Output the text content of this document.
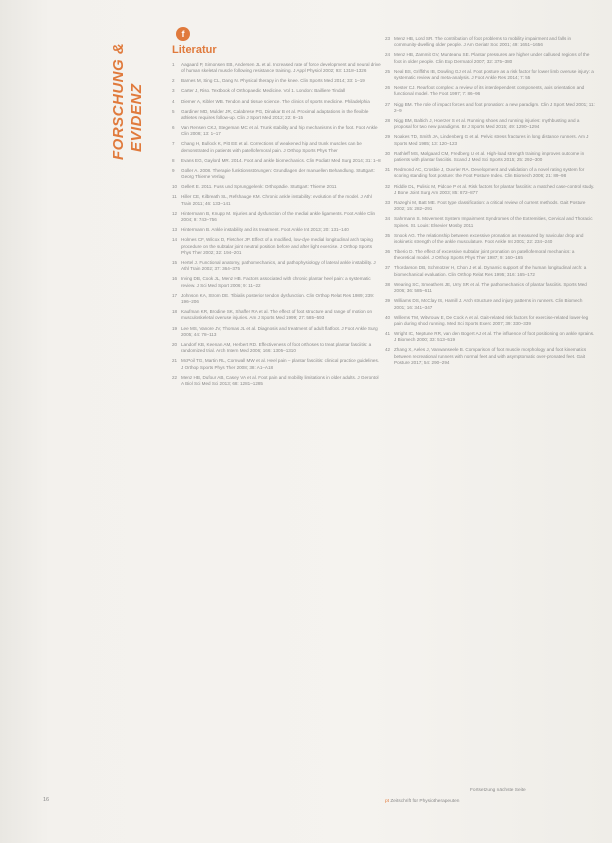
FORSCHUNG & EVIDENZ
f
Literatur
1	Aagaard P, Simonsen EB, Andersen JL et al. Increased rate of force development and neural drive of human skeletal muscle following resistance training. J Appl Physiol 2002; 93: 1318–1326
2	Barnes M, Sing CL, Dang N. Physical therapy in the knee. Clin Sports Med 2014; 33: 1–19
3	Carter J, Riso. Textbook of Orthopaedic Medicine. Vol 1. London: Bailliere Tindall
4	Diemer A, Kibler WB. Tendon and tissue science. The clinics of sports medicine. Philadelphia
5	Gardiner MD, Mulder JR, Calabrese PG, Dinakar B et al. Proximal adaptations in the flexible athletes requires follow-up. Clin J Sport Med 2012; 22: 8–15
6	Van Rensen CKJ, Stegeman MC et al. Trunk stability and hip mechanisms in the foot. Foot Ankle Clin 2008; 13: 1–17
7	Chang H, Bullock K, Pitt EE et al. Corrections of weakened hip and trunk muscles can be demonstrated in patients with patellofemoral pain. J Orthop Sports Phys Ther
8	Evans EG, Gaylord MR. 2014. Foot and ankle biomechanics. Clin Podiatr Med Surg 2014; 31: 1–8
9	Goller A. 2008. Therapie funktionsstörungen: Grundlagen der manuellen Behandlung. Stuttgart: Georg Thieme Verlag
10 Gellert E. 2011. Fuss und Sprunggelenk: Orthopädie. Stuttgart: Thieme 2011
11 Hiller CE, Kilbreath SL, Refshauge KM. Chronic ankle instability: evolution of the model. J Athl Train 2011; 46: 133–141
12 Hintermann B, Knupp M. Injuries and dysfunction of the medial ankle ligaments. Foot Ankle Clin 2004; 9: 743–756
13 Hintermann B. Ankle instability and its treatment. Foot Ankle Int 2013; 20: 131–140
14 Holmes CF, Wilcox D, Fletcher JP. Effect of a modified, low-dye medial longitudinal arch taping procedure on the subtalar joint neutral position before and after light exercise. J Orthop Sports Phys Ther 2002; 32: 194–201
15 Hertel J. Functional anatomy, pathomechanics, and pathophysiology of lateral ankle instability. J Athl Train 2002; 37: 364–375
16 Irving DB, Cook JL, Menz HB. Factors associated with chronic plantar heel pain: a systematic review. J Sci Med Sport 2006; 9: 11–22
17 Johnson KA, Strom DE. Tibialis posterior tendon dysfunction. Clin Orthop Relat Res 1989; 239: 196–206
18 Kaufman KR, Brodine SK, Shaffer RA et al. The effect of foot structure and range of motion on musculoskeletal overuse injuries. Am J Sports Med 1999; 27: 585–593
19 Lee MS, Vanore JV, Thomas JL et al. Diagnosis and treatment of adult flatfoot. J Foot Ankle Surg 2005; 44: 78–113
20 Landorf KB, Keenan AM, Herbert RD. Effectiveness of foot orthoses to treat plantar fasciitis: a randomized trial. Arch Intern Med 2006; 166: 1305–1310
21 McPoil TG, Martin RL, Cornwall MW et al. Heel pain – plantar fasciitis: clinical practice guidelines. J Orthop Sports Phys Ther 2008; 38: A1–A18
22 Menz HB, Dufour AB, Casey VA et al. Foot pain and mobility limitations in older adults. J Gerontol A Biol Sci Med Sci 2013; 68: 1281–1285
23 Menz HB, Lord SR. The contribution of foot problems to mobility impairment and falls in community-dwelling older people. J Am Geriatr Soc 2001; 49: 1651–1656
24 Menz HB, Zammit GV, Munteanu SE. Plantar pressures are higher under callused regions of the foot in older people. Clin Exp Dermatol 2007; 32: 375–380
25 Neal BS, Griffiths IB, Dowling GJ et al. Foot posture as a risk factor for lower limb overuse injury: a systematic review and meta-analysis. J Foot Ankle Res 2014; 7: 55
26 Nester CJ. Rearfoot complex: a review of its interdependent components, axis orientation and functional model. The Foot 1997; 7: 86–96
27 Nigg BM. The role of impact forces and foot pronation: a new paradigm. Clin J Sport Med 2001; 11: 2–9
28 Nigg BM, Baltich J, Hoerzer S et al. Running shoes and running injuries: mythbusting and a proposal for two new paradigms. Br J Sports Med 2015; 49: 1290–1294
29 Noakes TD, Smith JA, Lindenberg G et al. Pelvic stress fractures in long distance runners. Am J Sports Med 1985; 13: 120–123
30 Rathleff MS, Mølgaard CM, Fredberg U et al. High-load strength training improves outcome in patients with plantar fasciitis. Scand J Med Sci Sports 2015; 25: 292–300
31 Redmond AC, Crosbie J, Ouvrier RA. Development and validation of a novel rating system for scoring standing foot posture: the Foot Posture Index. Clin Biomech 2006; 21: 89–98
32 Riddle DL, Pulisic M, Pidcoe P et al. Risk factors for plantar fasciitis: a matched case-control study. J Bone Joint Surg Am 2003; 85: 872–877
33 Razeghi M, Batt ME. Foot type classification: a critical review of current methods. Gait Posture 2002; 15: 282–291
34 Sahrmann S. Movement System Impairment Syndromes of the Extremities, Cervical and Thoracic Spines. St. Louis: Elsevier Mosby 2011
35 Snook AG. The relationship between excessive pronation as measured by navicular drop and isokinetic strength of the ankle musculature. Foot Ankle Int 2001; 22: 234–240
36 Tiberio D. The effect of excessive subtalar joint pronation on patellofemoral mechanics: a theoretical model. J Orthop Sports Phys Ther 1987; 9: 160–165
37 Thordarson DB, Schmotzer H, Chon J et al. Dynamic support of the human longitudinal arch: a biomechanical evaluation. Clin Orthop Relat Res 1995; 316: 165–172
38 Wearing SC, Smeathers JE, Urry SR et al. The pathomechanics of plantar fasciitis. Sports Med 2006; 36: 585–611
39 Williams DS, McClay IS, Hamill J. Arch structure and injury patterns in runners. Clin Biomech 2001; 16: 341–347
40 Willems TM, Witvrouw E, De Cock A et al. Gait-related risk factors for exercise-related lower-leg pain during shod running. Med Sci Sports Exerc 2007; 39: 330–339
41 Wright IC, Neptune RR, van den Bogert AJ et al. The influence of foot positioning on ankle sprains. J Biomech 2000; 33: 513–519
42 Zhang X, Aeles J, Vanwanseele B. Comparison of foot muscle morphology and foot kinematics between recreational runners with normal feet and with asymptomatic over-pronated feet. Gait Posture 2017; 54: 290–294
Fortsetzung nächste Seite
16	pt Zeitschrift für Physiotherapeuten
